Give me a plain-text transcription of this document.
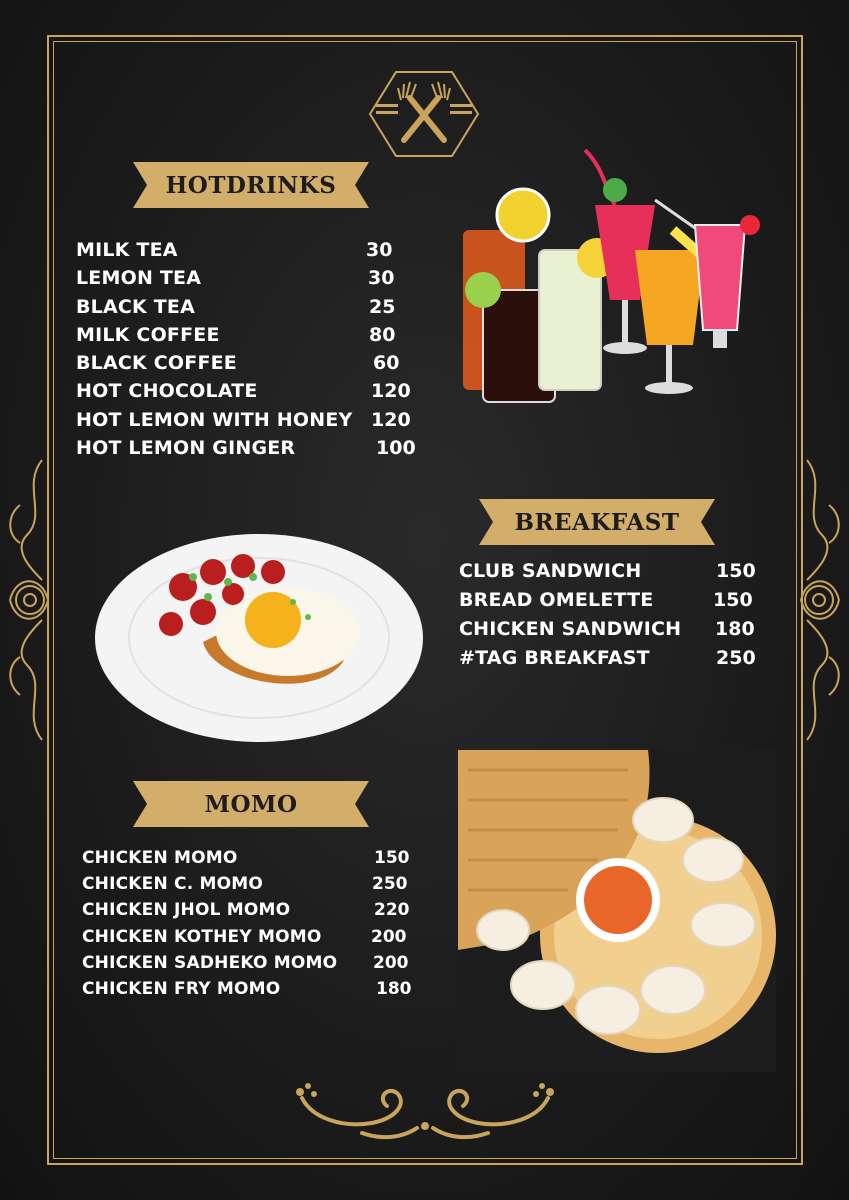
HOTDRINKS
MILK TEA	30
LEMON TEA	30
BLACK TEA	25
MILK COFFEE	80
BLACK COFFEE	60
HOT CHOCOLATE	120
HOT LEMON WITH HONEY 120
HOT LEMON GINGER	100
BREAKFAST
CLUB SANDWICH	150
BREAD OMELETTE	150
CHICKEN SANDWICH 180
#TAG BREAKFAST	250
MOMO
CHICKEN MOMO	150
CHICKEN C. MOMO	250
CHICKEN JHOL MOMO	220
CHICKEN KOTHEY MOMO	200
CHICKEN SADHEKO MOMO 200
CHICKEN FRY MOMO	180
